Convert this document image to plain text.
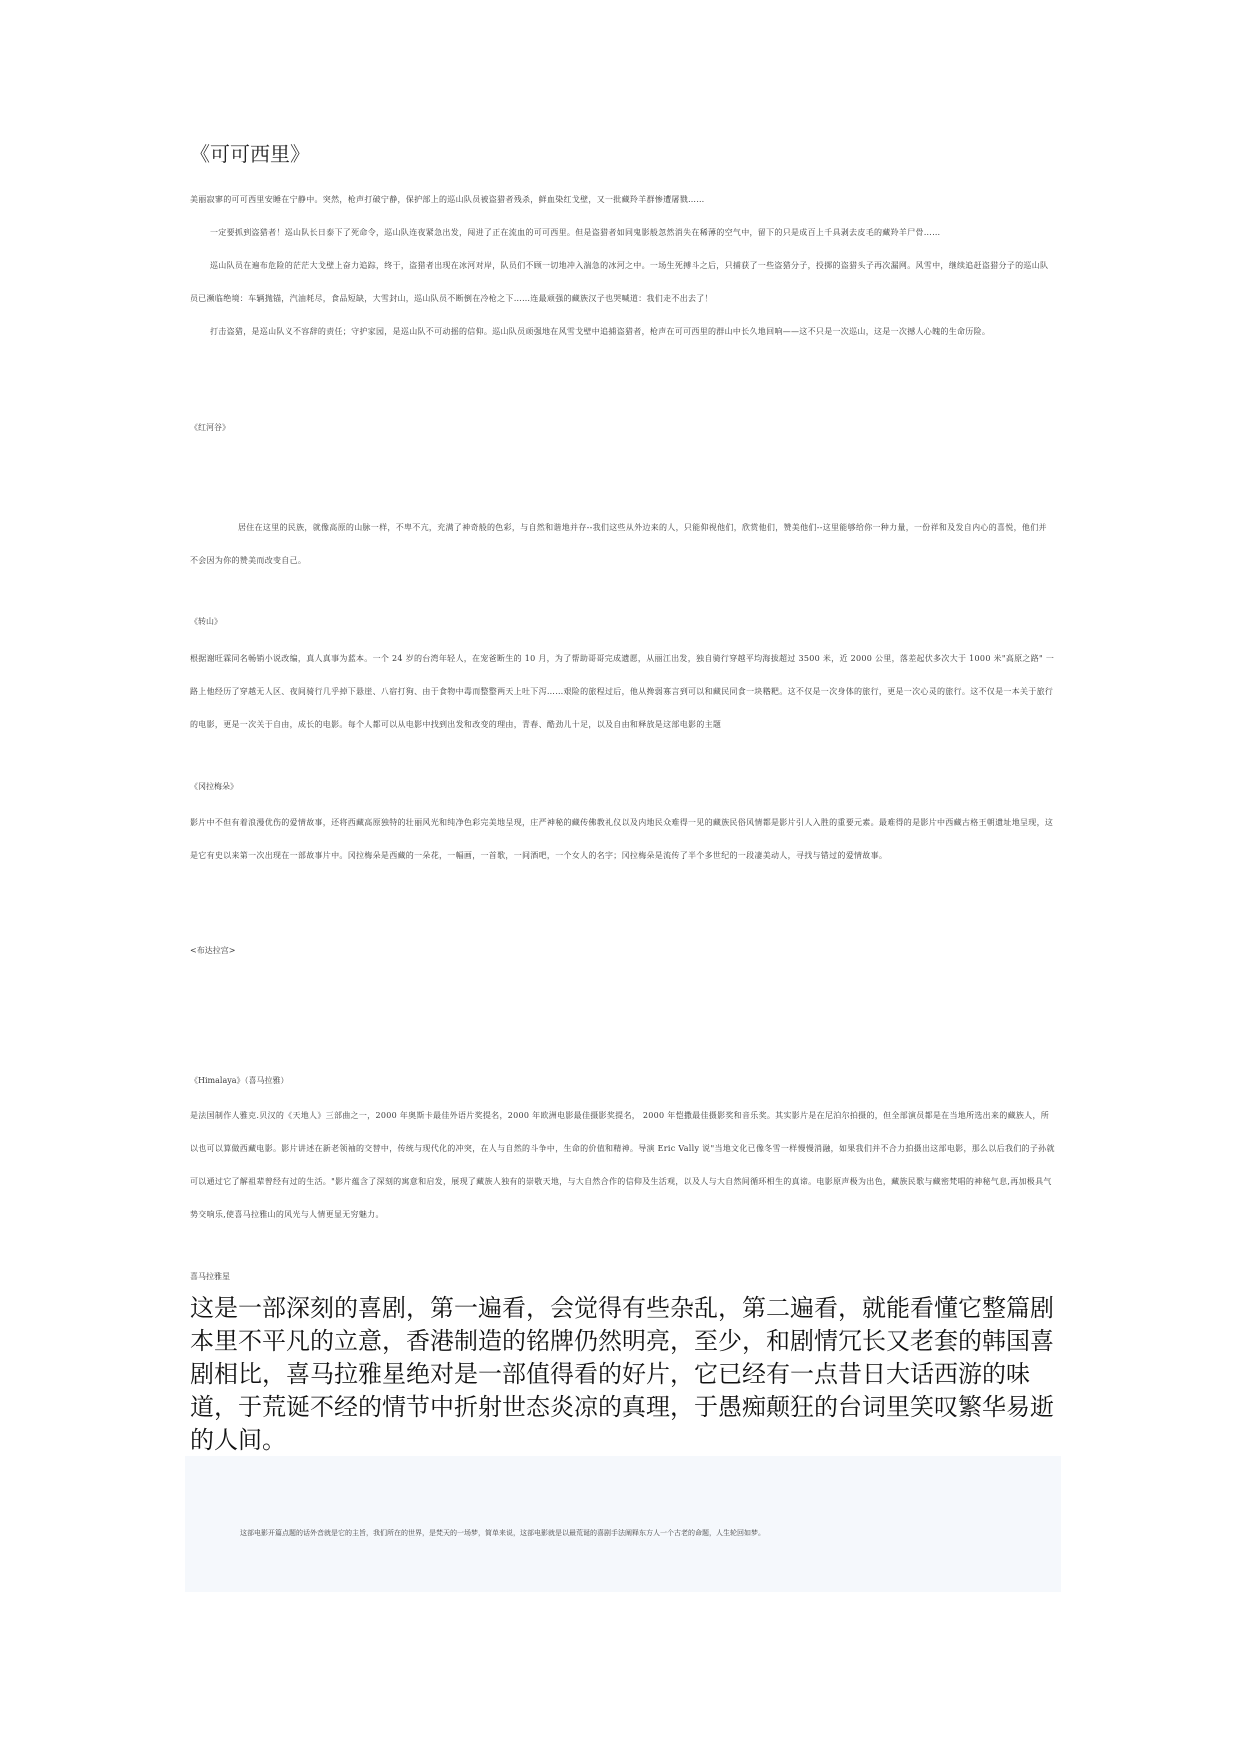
《可可西里》

美丽寂寥的可可西里安睡在宁静中。突然，枪声打破宁静，保护部上的巡山队员被盗猎者残杀，鲜血染红戈壁，又一批藏羚羊群惨遭屠戮……

一定要抓到盗猎者！巡山队长日泰下了死命令，巡山队连夜紧急出发，闯进了正在流血的可可西里。但是盗猎者如同鬼影般忽然消失在稀薄的空气中，留下的只是成百上千具剥去皮毛的藏羚羊尸骨……

巡山队员在遍布危险的茫茫大戈壁上奋力追踪，终于，盗猎者出现在冰河对岸，队员们不顾一切地冲入湍急的冰河之中。一场生死搏斗之后，只捕获了一些盗猎分子，投掷的盗猎头子再次漏网。风雪中，继续追赶盗猎分子的巡山队员已濒临绝境：车辆抛锚，汽油耗尽，食品短缺，大雪封山，巡山队员不断倒在冷枪之下……连最顽强的藏族汉子也哭喊道：我们走不出去了！

打击盗猎，是巡山队义不容辞的责任；守护家园，是巡山队不可动摇的信仰。巡山队员顽强地在风雪戈壁中追捕盗猎者，枪声在可可西里的群山中长久地回响——这不只是一次巡山，这是一次撼人心魄的生命历险。

《红河谷》

居住在这里的民族，就像高原的山脉一样，不卑不亢，充满了神奇般的色彩，与自然和谐地并存--我们这些从外边来的人，只能仰视他们，欣赏他们，赞美他们--这里能够给你一种力量，一份祥和及发自内心的喜悦，他们并不会因为你的赞美而改变自己。

《转山》

根据谢旺霖同名畅销小说改编，真人真事为蓝本。一个 24 岁的台湾年轻人，在宠爸断生的 10 月，为了帮助哥哥完成遗愿，从丽江出发，独自骑行穿越平均海拔超过 3500 米，近 2000 公里，落差起伏多次大于 1000 米"高原之路" 一路上他经历了穿越无人区、夜间骑行几乎掉下悬崖、八宿打狗、由于食物中毒而整整两天上吐下泻……艰险的旅程过后，他从搀弱寡言到可以和藏民同食一块糌粑。这不仅是一次身体的旅行，更是一次心灵的旅行。这不仅是一本关于旅行的电影，更是一次关于自由，成长的电影。每个人都可以从电影中找到出发和改变的理由，青春、酷劲儿十足，以及自由和释放是这部电影的主题

《冈拉梅朵》

影片中不但有着浪漫优伤的爱情故事，还将西藏高原独特的壮丽风光和纯净色彩完美地呈现，庄严神秘的藏传佛教礼仪以及内地民众难得一见的藏族民俗风情都是影片引人入胜的重要元素。最难得的是影片中西藏古格王朝遗址地呈现，这是它有史以来第一次出现在一部故事片中。冈拉梅朵是西藏的一朵花，一幅画，一首歌，一间酒吧，一个女人的名字；冈拉梅朵是流传了半个多世纪的一段凄美动人，寻找与错过的爱情故事。

<布达拉宫>
《Himalaya》（喜马拉雅）

是法国制作人雅克.贝汉的《天地人》三部曲之一，2000 年奥斯卡最佳外语片奖提名，2000 年欧洲电影最佳摄影奖提名， 2000 年恺撒最佳摄影奖和音乐奖。其实影片是在尼泊尔拍摄的，但全部演员都是在当地所选出来的藏族人，所以也可以算做西藏电影。影片讲述在新老领袖的交替中，传统与现代化的冲突，在人与自然的斗争中，生命的价值和精神。导演 Eric Vally 说"当地文化已像冬雪一样慢慢消融，如果我们并不合力拍摄出这部电影，那么以后我们的子孙就可以通过它了解祖辈曾经有过的生活。"影片蕴含了深刻的寓意和启发，展现了藏族人独有的崇敬天地，与大自然合作的信仰及生活观，以及人与大自然间循环相生的真谛。电影原声极为出色，藏族民歌与藏密梵唱的神秘气息,再加极具气势交响乐,使喜马拉雅山的风光与人情更显无穷魅力。

喜马拉雅星
这是一部深刻的喜剧，第一遍看，会觉得有些杂乱，第二遍看，就能看懂它整篇剧本里不平凡的立意，香港制造的铭牌仍然明亮，至少，和剧情冗长又老套的韩国喜剧相比，喜马拉雅星绝对是一部值得看的好片，它已经有一点昔日大话西游的味道，于荒诞不经的情节中折射世态炎凉的真理，于愚痴颠狂的台词里笑叹繁华易逝的人间。
这部电影开篇点题的话外音就是它的主旨，我们所在的世界，是梵天的一场梦，简单来说，这部电影就是以最荒诞的喜剧手法阐释东方人一个古老的命题，人生轮回如梦。
